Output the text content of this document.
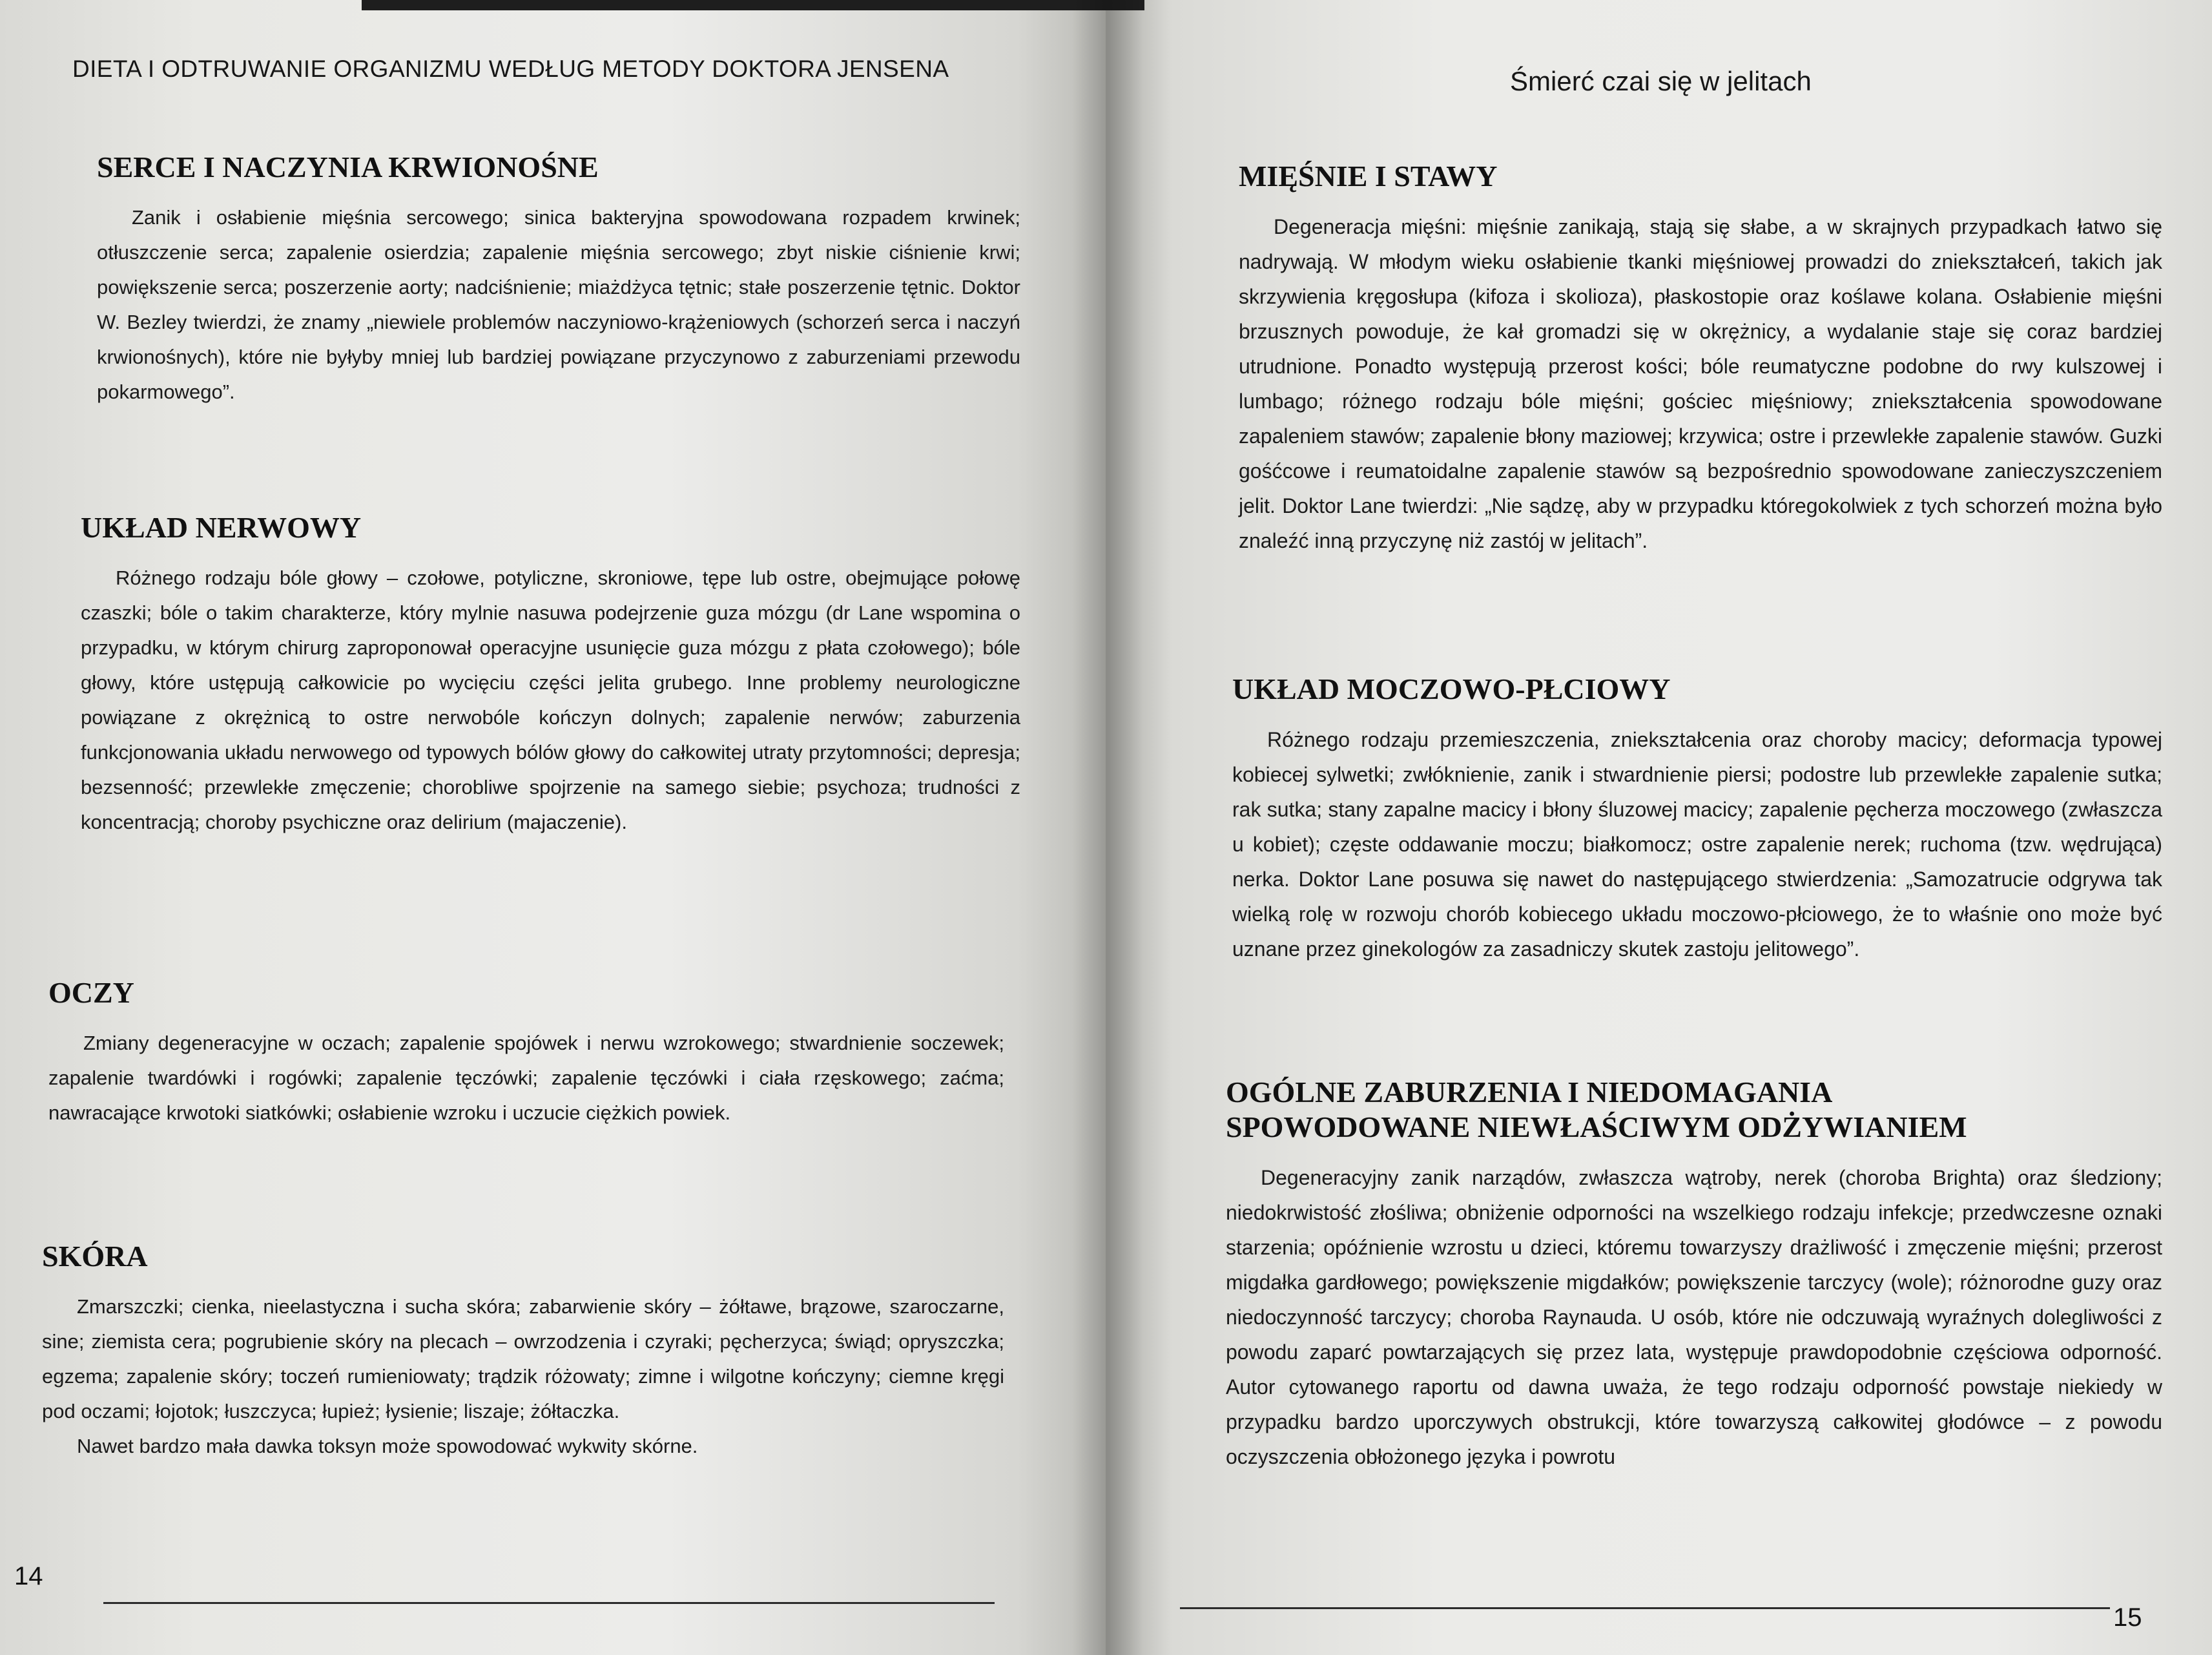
DIETA I ODTRUWANIE ORGANIZMU WEDŁUG METODY DOKTORA JENSENA
SERCE I NACZYNIA KRWIONOŚNE

Zanik i osłabienie mięśnia sercowego; sinica bakteryjna spowodowana rozpadem krwinek; otłuszczenie serca; zapalenie osierdzia; zapalenie mięśnia sercowego; zbyt niskie ciśnienie krwi; powiększenie serca; poszerzenie aorty; nadciśnienie; miażdżyca tętnic; stałe poszerzenie tętnic. Doktor W. Bezley twierdzi, że znamy „niewiele problemów naczyniowo-krążeniowych (schorzeń serca i naczyń krwionośnych), które nie byłyby mniej lub bardziej powiązane przyczynowo z zaburzeniami przewodu pokarmowego”.

UKŁAD NERWOWY

Różnego rodzaju bóle głowy – czołowe, potyliczne, skroniowe, tępe lub ostre, obejmujące połowę czaszki; bóle o takim charakterze, który mylnie nasuwa podejrzenie guza mózgu (dr Lane wspomina o przypadku, w którym chirurg zaproponował operacyjne usunięcie guza mózgu z płata czołowego); bóle głowy, które ustępują całkowicie po wycięciu części jelita grubego. Inne problemy neurologiczne powiązane z okrężnicą to ostre nerwobóle kończyn dolnych; zapalenie nerwów; zaburzenia funkcjonowania układu nerwowego od typowych bólów głowy do całkowitej utraty przytomności; depresja; bezsenność; przewlekłe zmęczenie; chorobliwe spojrzenie na samego siebie; psychoza; trudności z koncentracją; choroby psychiczne oraz delirium (majaczenie).

OCZY

Zmiany degeneracyjne w oczach; zapalenie spojówek i nerwu wzrokowego; stwardnienie soczewek; zapalenie twardówki i rogówki; zapalenie tęczówki; zapalenie tęczówki i ciała rzęskowego; zaćma; nawracające krwotoki siatkówki; osłabienie wzroku i uczucie ciężkich powiek.

SKÓRA

Zmarszczki; cienka, nieelastyczna i sucha skóra; zabarwienie skóry – żółtawe, brązowe, szaroczarne, sine; ziemista cera; pogrubienie skóry na plecach – owrzodzenia i czyraki; pęcherzyca; świąd; opryszczka; egzema; zapalenie skóry; toczeń rumieniowaty; trądzik różowaty; zimne i wilgotne kończyny; ciemne kręgi pod oczami; łojotok; łuszczyca; łupież; łysienie; liszaje; żółtaczka.

Nawet bardzo mała dawka toksyn może spowodować wykwity skórne.

14
Śmierć czai się w jelitach
MIĘŚNIE I STAWY

Degeneracja mięśni: mięśnie zanikają, stają się słabe, a w skrajnych przypadkach łatwo się nadrywają. W młodym wieku osłabienie tkanki mięśniowej prowadzi do zniekształceń, takich jak skrzywienia kręgosłupa (kifoza i skolioza), płaskostopie oraz koślawe kolana. Osłabienie mięśni brzusznych powoduje, że kał gromadzi się w okrężnicy, a wydalanie staje się coraz bardziej utrudnione. Ponadto występują przerost kości; bóle reumatyczne podobne do rwy kulszowej i lumbago; różnego rodzaju bóle mięśni; gościec mięśniowy; zniekształcenia spowodowane zapaleniem stawów; zapalenie błony maziowej; krzywica; ostre i przewlekłe zapalenie stawów. Guzki gośćcowe i reumatoidalne zapalenie stawów są bezpośrednio spowodowane zanieczyszczeniem jelit. Doktor Lane twierdzi: „Nie sądzę, aby w przypadku któregokolwiek z tych schorzeń można było znaleźć inną przyczynę niż zastój w jelitach”.

UKŁAD MOCZOWO-PŁCIOWY

Różnego rodzaju przemieszczenia, zniekształcenia oraz choroby macicy; deformacja typowej kobiecej sylwetki; zwłóknienie, zanik i stwardnienie piersi; podostre lub przewlekłe zapalenie sutka; rak sutka; stany zapalne macicy i błony śluzowej macicy; zapalenie pęcherza moczowego (zwłaszcza u kobiet); częste oddawanie moczu; białkomocz; ostre zapalenie nerek; ruchoma (tzw. wędrująca) nerka. Doktor Lane posuwa się nawet do następującego stwierdzenia: „Samozatrucie odgrywa tak wielką rolę w rozwoju chorób kobiecego układu moczowo-płciowego, że to właśnie ono może być uznane przez ginekologów za zasadniczy skutek zastoju jelitowego”.

OGÓLNE ZABURZENIA I NIEDOMAGANIA SPOWODOWANE NIEWŁAŚCIWYM ODŻYWIANIEM

Degeneracyjny zanik narządów, zwłaszcza wątroby, nerek (choroba Brighta) oraz śledziony; niedokrwistość złośliwa; obniżenie odporności na wszelkiego rodzaju infekcje; przedwczesne oznaki starzenia; opóźnienie wzrostu u dzieci, któremu towarzyszy drażliwość i zmęczenie mięśni; przerost migdałka gardłowego; powiększenie migdałków; powiększenie tarczycy (wole); różnorodne guzy oraz niedoczynność tarczycy; choroba Raynauda. U osób, które nie odczuwają wyraźnych dolegliwości z powodu zaparć powtarzających się przez lata, występuje prawdopodobnie częściowa odporność. Autor cytowanego raportu od dawna uważa, że tego rodzaju odporność powstaje niekiedy w przypadku bardzo uporczywych obstrukcji, które towarzyszą całkowitej głodówce – z powodu oczyszczenia obłożonego języka i powrotu

15
